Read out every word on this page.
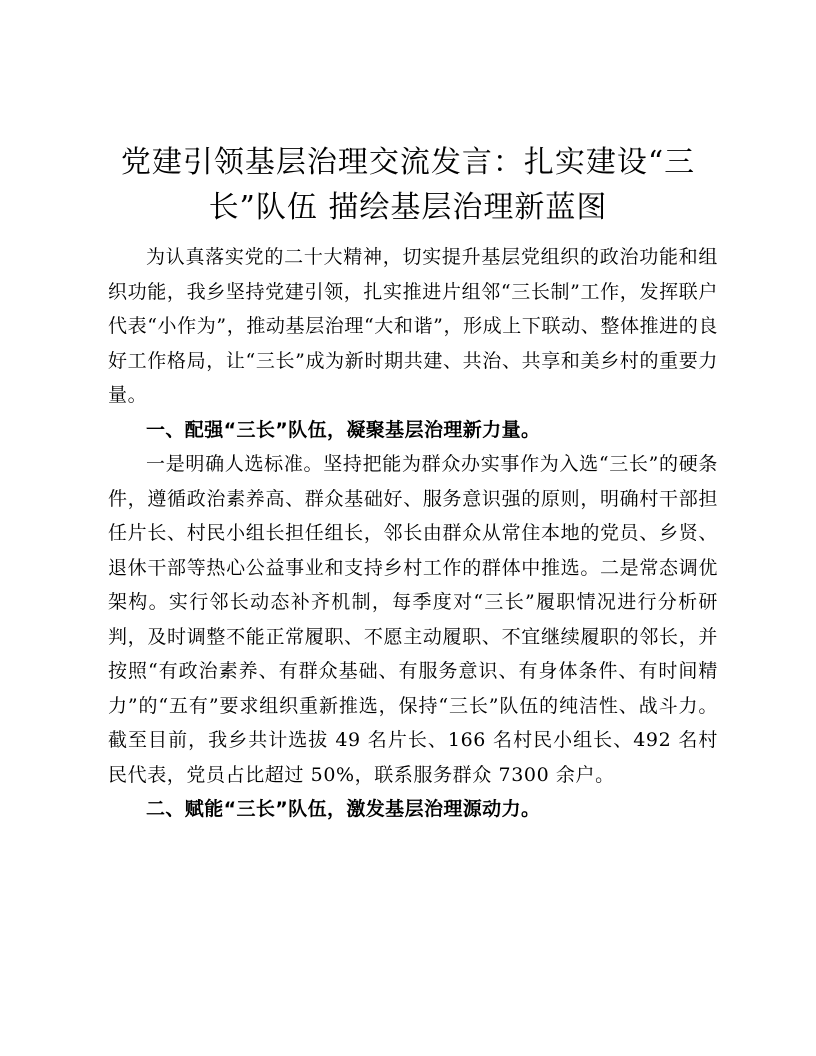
党建引领基层治理交流发言：扎实建设“三
长”队伍 描绘基层治理新蓝图

为认真落实党的二十大精神，切实提升基层党组织的政治功能和组织功能，我乡坚持党建引领，扎实推进片组邻“三长制”工作，发挥联户代表“小作为”，推动基层治理“大和谐”，形成上下联动、整体推进的良好工作格局，让“三长”成为新时期共建、共治、共享和美乡村的重要力量。

一、配强“三长”队伍，凝聚基层治理新力量。

一是明确人选标准。坚持把能为群众办实事作为入选“三长”的硬条件，遵循政治素养高、群众基础好、服务意识强的原则，明确村干部担任片长、村民小组长担任组长，邻长由群众从常住本地的党员、乡贤、退休干部等热心公益事业和支持乡村工作的群体中推选。二是常态调优架构。实行邻长动态补齐机制，每季度对“三长”履职情况进行分析研判，及时调整不能正常履职、不愿主动履职、不宜继续履职的邻长，并按照“有政治素养、有群众基础、有服务意识、有身体条件、有时间精力”的“五有”要求组织重新推选，保持“三长”队伍的纯洁性、战斗力。截至目前，我乡共计选拔 49 名片长、166 名村民小组长、492 名村民代表，党员占比超过 50%，联系服务群众 7300 余户。

二、赋能“三长”队伍，激发基层治理源动力。
